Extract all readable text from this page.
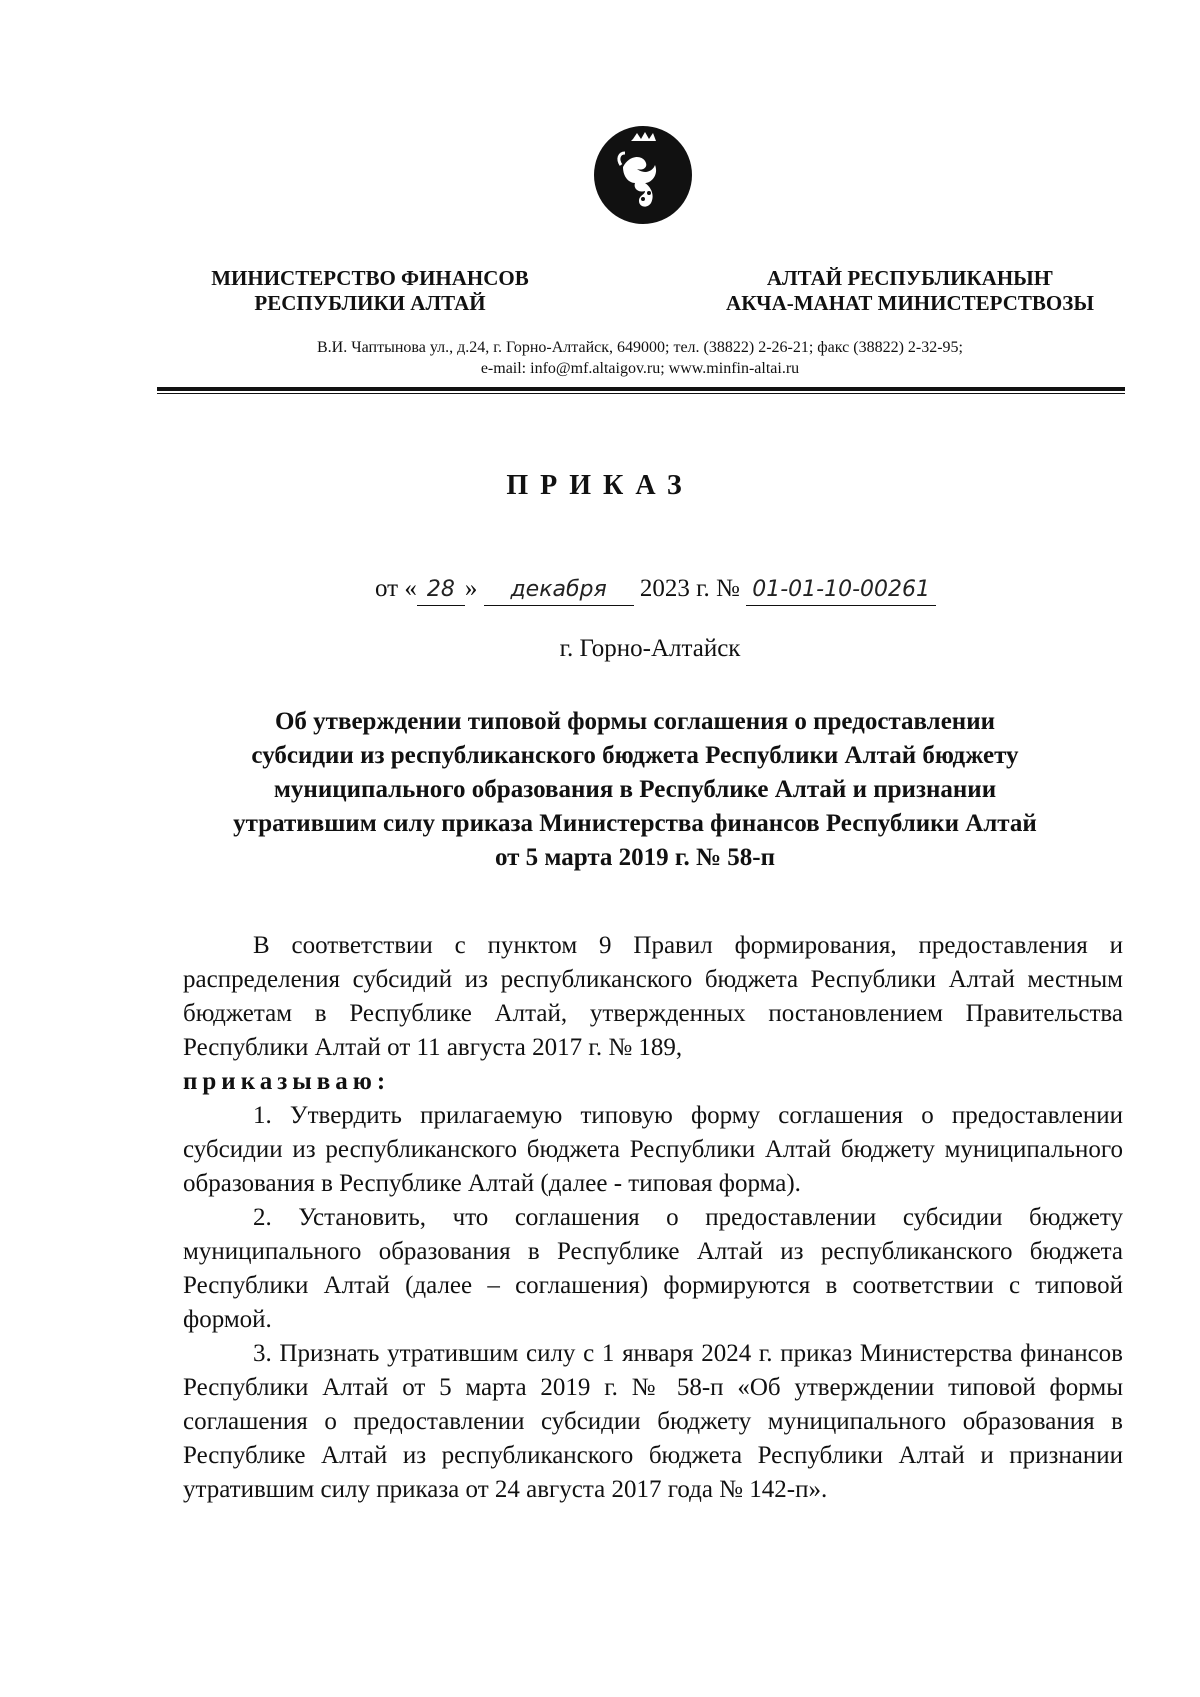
МИНИСТЕРСТВО ФИНАНСОВ
РЕСПУБЛИКИ АЛТАЙ
АЛТАЙ РЕСПУБЛИКАНЫҤ
АКЧА-МАНАТ МИНИСТЕРСТВОЗЫ
В.И. Чаптынова ул., д.24, г. Горно-Алтайск, 649000; тел. (38822) 2-26-21; факс (38822) 2-32-95;
e-mail: info@mf.altaigov.ru; www.minfin-altai.ru
ПРИКАЗ
от « 28 » декабря 2023 г. № 01-01-10-00261
г. Горно-Алтайск
Об утверждении типовой формы соглашения о предоставлении
субсидии из республиканского бюджета Республики Алтай бюджету
муниципального образования в Республике Алтай и признании
утратившим силу приказа Министерства финансов Республики Алтай
от 5 марта 2019 г. № 58-п

В соответствии с пунктом 9 Правил формирования, предоставления и распределения субсидий из республиканского бюджета Республики Алтай местным бюджетам в Республике Алтай, утвержденных постановлением Правительства Республики Алтай от 11 августа 2017 г. № 189,
приказываю:

1. Утвердить прилагаемую типовую форму соглашения о предоставлении субсидии из республиканского бюджета Республики Алтай бюджету муниципального образования в Республике Алтай (далее - типовая форма).

2. Установить, что соглашения о предоставлении субсидии бюджету муниципального образования в Республике Алтай из республиканского бюджета Республики Алтай (далее – соглашения) формируются в соответствии с типовой формой.

3. Признать утратившим силу с 1 января 2024 г. приказ Министерства финансов Республики Алтай от 5 марта 2019 г. № 58-п «Об утверждении типовой формы соглашения о предоставлении субсидии бюджету муниципального образования в Республике Алтай из республиканского бюджета Республики Алтай и признании утратившим силу приказа от 24 августа 2017 года № 142-п».
